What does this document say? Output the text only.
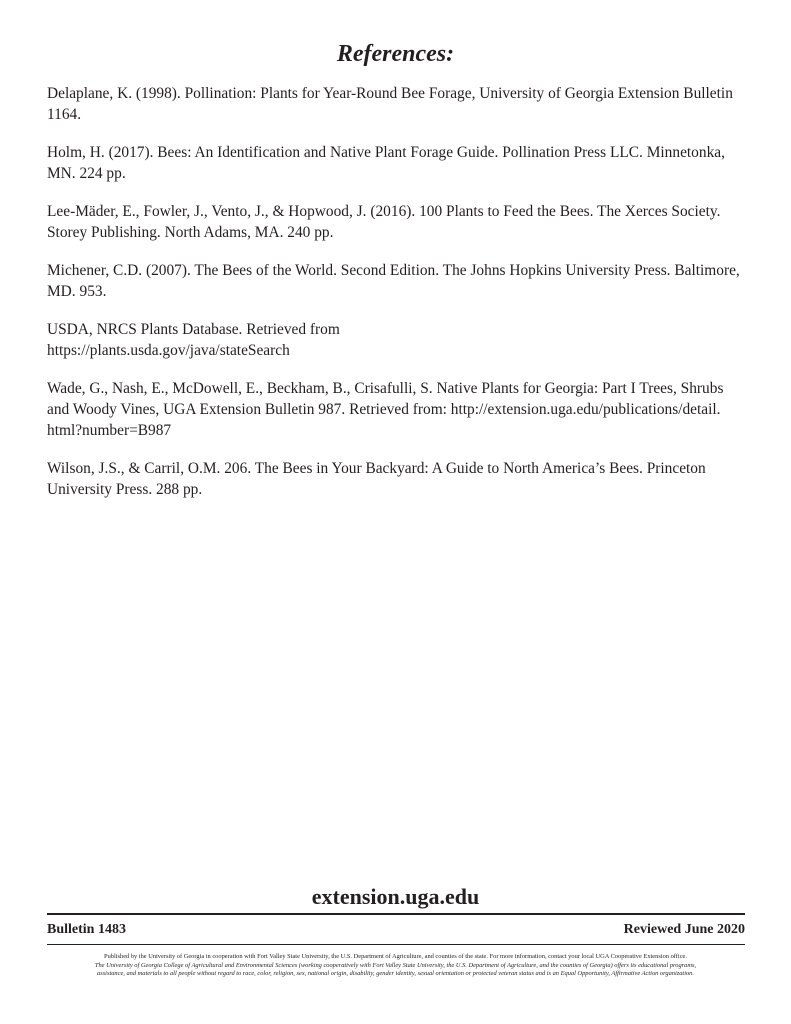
References:
Delaplane, K. (1998). Pollination: Plants for Year-Round Bee Forage, University of Georgia Extension Bulletin
1164.
Holm, H. (2017). Bees: An Identification and Native Plant Forage Guide. Pollination Press LLC. Minnetonka,
MN. 224 pp.
Lee-Mäder, E., Fowler, J., Vento, J., & Hopwood, J. (2016). 100 Plants to Feed the Bees. The Xerces Society.
Storey Publishing. North Adams, MA. 240 pp.
Michener, C.D. (2007). The Bees of the World. Second Edition. The Johns Hopkins University Press. Baltimore,
MD. 953.
USDA, NRCS Plants Database. Retrieved from
https://plants.usda.gov/java/stateSearch
Wade, G., Nash, E., McDowell, E., Beckham, B., Crisafulli, S. Native Plants for Georgia: Part I Trees, Shrubs
and Woody Vines, UGA Extension Bulletin 987. Retrieved from: http://extension.uga.edu/publications/detail.
html?number=B987
Wilson, J.S., & Carril, O.M. 206. The Bees in Your Backyard: A Guide to North America’s Bees. Princeton
University Press. 288 pp.
extension.uga.edu
Bulletin 1483	Reviewed June 2020
Published by the University of Georgia in cooperation with Fort Valley State University, the U.S. Department of Agriculture, and counties of the state. For more information, contact your local UGA Cooperative Extension office.
The University of Georgia College of Agricultural and Environmental Sciences (working cooperatively with Fort Valley State University, the U.S. Department of Agriculture, and the counties of Georgia) offers its educational programs,
assistance, and materials to all people without regard to race, color, religion, sex, national origin, disability, gender identity, sexual orientation or protected veteran status and is an Equal Opportunity, Affirmative Action organization.
